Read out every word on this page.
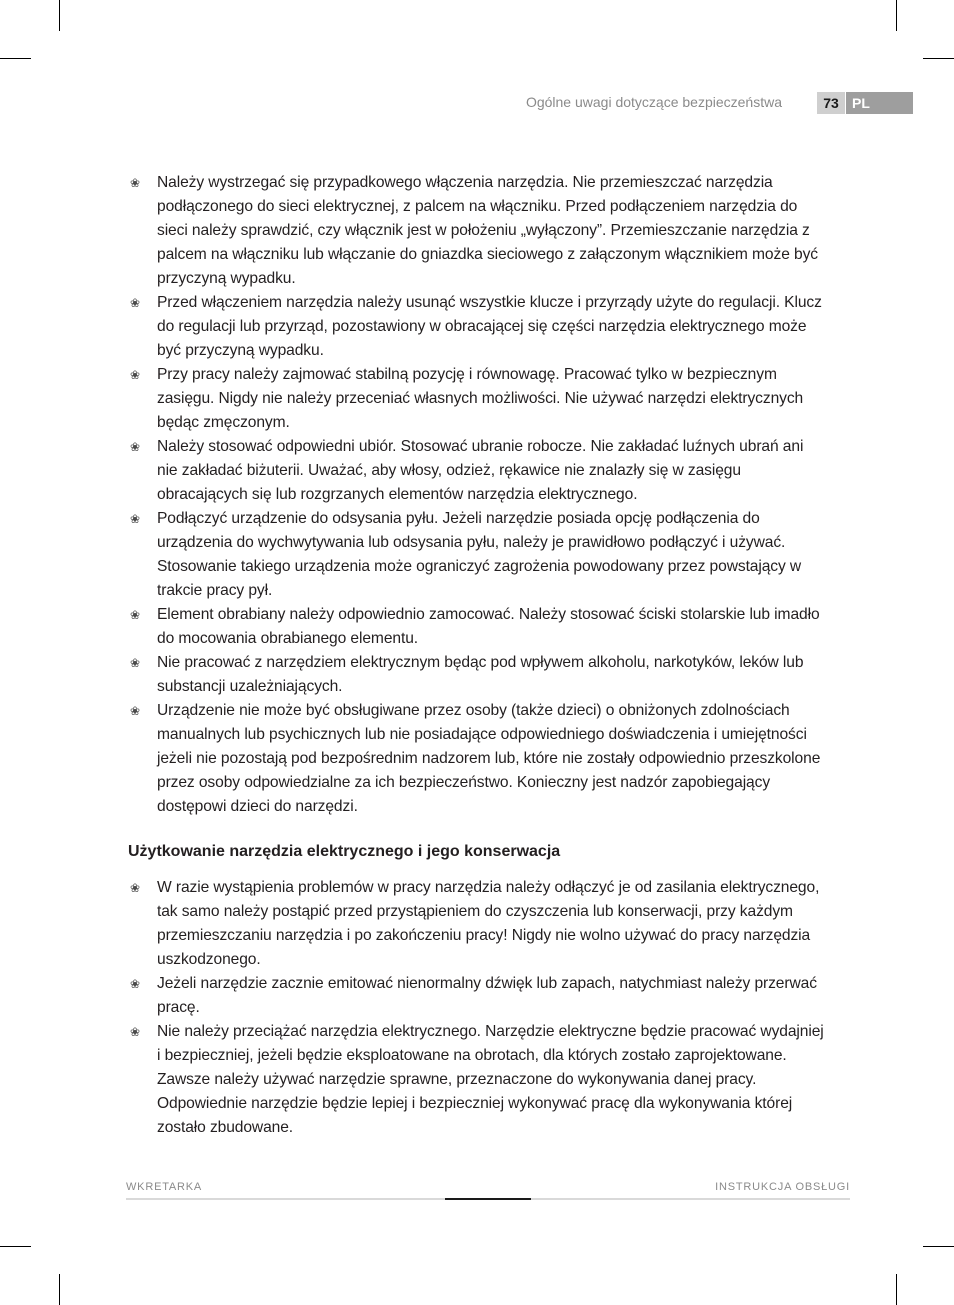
Ogólne uwagi dotyczące bezpieczeństwa	73 PL
❀ Należy wystrzegać się przypadkowego włączenia narzędzia. Nie przemieszczać narzędzia podłączonego do sieci elektrycznej, z palcem na włączniku. Przed podłączeniem narzędzia do sieci należy sprawdzić, czy włącznik jest w położeniu „wyłączony”. Przemieszczanie narzędzia z palcem na włączniku lub włączanie do gniazdka sieciowego z załączonym włącznikiem może być przyczyną wypadku.
❀ Przed włączeniem narzędzia należy usunąć wszystkie klucze i przyrządy użyte do regulacji. Klucz do regulacji lub przyrząd, pozostawiony w obracającej się części narzędzia elektrycznego może być przyczyną wypadku.
❀ Przy pracy należy zajmować stabilną pozycję i równowagę. Pracować tylko w bezpiecznym zasięgu. Nigdy nie należy przeceniać własnych możliwości. Nie używać narzędzi elektrycznych będąc zmęczonym.
❀ Należy stosować odpowiedni ubiór. Stosować ubranie robocze. Nie zakładać luźnych ubrań ani nie zakładać biżuterii. Uważać, aby włosy, odzież, rękawice nie znalazły się w zasięgu obracających się lub rozgrzanych elementów narzędzia elektrycznego.
❀ Podłączyć urządzenie do odsysania pyłu. Jeżeli narzędzie posiada opcję podłączenia do urządzenia do wychwytywania lub odsysania pyłu, należy je prawidłowo podłączyć i używać. Stosowanie takiego urządzenia może ograniczyć zagrożenia powodowany przez powstający w trakcie pracy pył.
❀ Element obrabiany należy odpowiednio zamocować. Należy stosować ściski stolarskie lub imadło do mocowania obrabianego elementu.
❀ Nie pracować z narzędziem elektrycznym będąc pod wpływem alkoholu, narkotyków, leków lub substancji uzależniających.
❀ Urządzenie nie może być obsługiwane przez osoby (także dzieci) o obniżonych zdolnościach manualnych lub psychicznych lub nie posiadające odpowiedniego doświadczenia i umiejętności jeżeli nie pozostają pod bezpośrednim nadzorem lub, które nie zostały odpowiednio przeszkolone przez osoby odpowiedzialne za ich bezpieczeństwo. Konieczny jest nadzór zapobiegający dostępowi dzieci do narzędzi.
Użytkowanie narzędzia elektrycznego i jego konserwacja
❀ W razie wystąpienia problemów w pracy narzędzia należy odłączyć je od zasilania elektrycznego, tak samo należy postąpić przed przystąpieniem do czyszczenia lub konserwacji, przy każdym przemieszczaniu narzędzia i po zakończeniu pracy! Nigdy nie wolno używać do pracy narzędzia uszkodzonego.
❀ Jeżeli narzędzie zacznie emitować nienormalny dźwięk lub zapach, natychmiast należy przerwać pracę.
❀ Nie należy przeciążać narzędzia elektrycznego. Narzędzie elektryczne będzie pracować wydajniej i bezpieczniej, jeżeli będzie eksploatowane na obrotach, dla których zostało zaprojektowane. Zawsze należy używać narzędzie sprawne, przeznaczone do wykonywania danej pracy. Odpowiednie narzędzie będzie lepiej i bezpieczniej wykonywać pracę dla wykonywania której zostało zbudowane.
WKRETARKA	INSTRUKCJA OBSŁUGI
